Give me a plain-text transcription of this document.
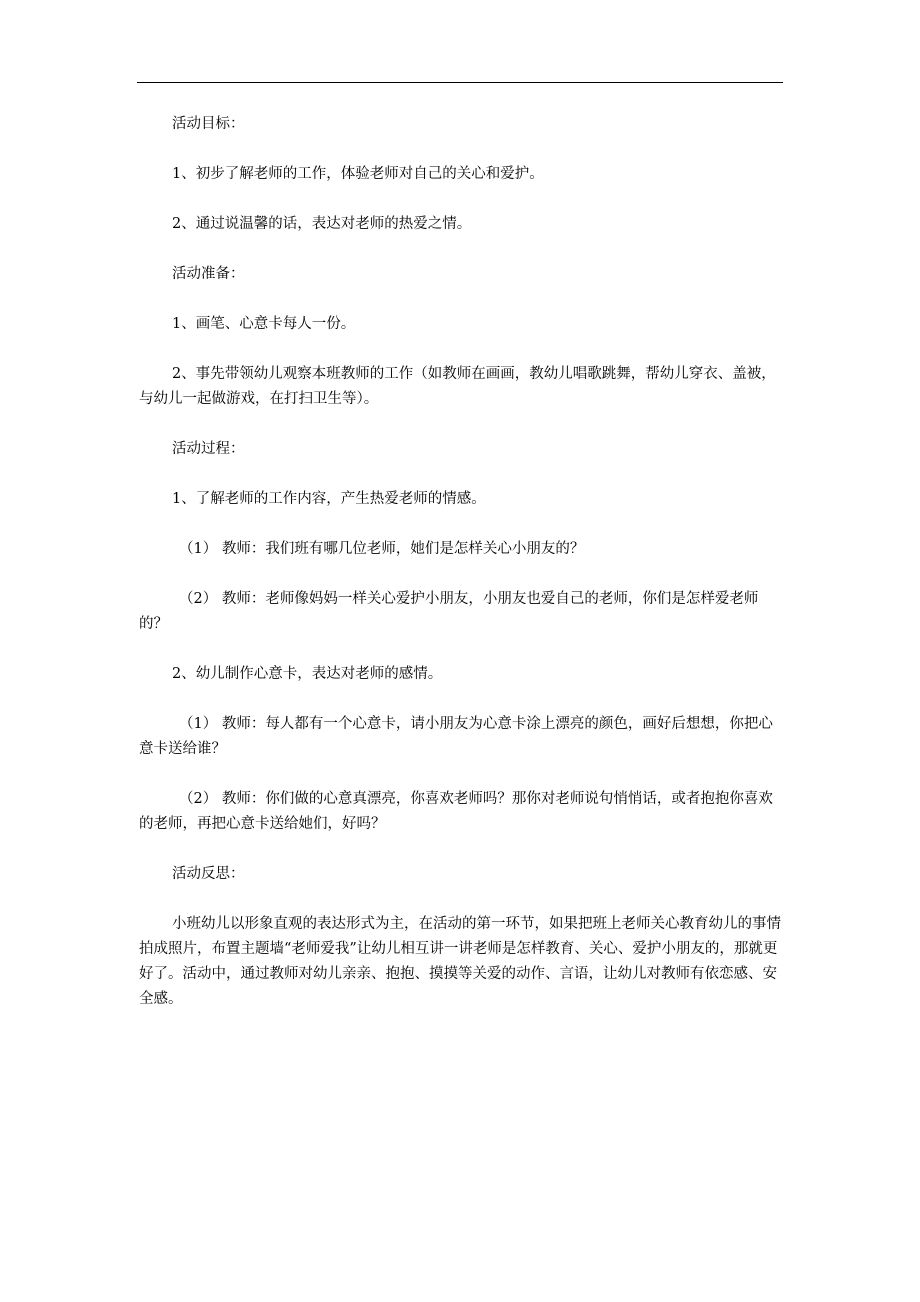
活动目标：

1、初步了解老师的工作，体验老师对自己的关心和爱护。

2、通过说温馨的话，表达对老师的热爱之情。

活动准备：

1、画笔、心意卡每人一份。

2、事先带领幼儿观察本班教师的工作（如教师在画画，教幼儿唱歌跳舞，帮幼儿穿衣、盖被，与幼儿一起做游戏，在打扫卫生等）。

活动过程：

1、了解老师的工作内容，产生热爱老师的情感。

（1） 教师：我们班有哪几位老师，她们是怎样关心小朋友的？

（2） 教师：老师像妈妈一样关心爱护小朋友，小朋友也爱自己的老师，你们是怎样爱老师的？

2、幼儿制作心意卡，表达对老师的感情。

（1） 教师：每人都有一个心意卡，请小朋友为心意卡涂上漂亮的颜色，画好后想想，你把心意卡送给谁？

（2） 教师：你们做的心意真漂亮，你喜欢老师吗？那你对老师说句悄悄话，或者抱抱你喜欢的老师，再把心意卡送给她们，好吗？

活动反思：

小班幼儿以形象直观的表达形式为主，在活动的第一环节，如果把班上老师关心教育幼儿的事情拍成照片，布置主题墙“老师爱我”让幼儿相互讲一讲老师是怎样教育、关心、爱护小朋友的，那就更好了。活动中，通过教师对幼儿亲亲、抱抱、摸摸等关爱的动作、言语，让幼儿对教师有依恋感、安全感。
